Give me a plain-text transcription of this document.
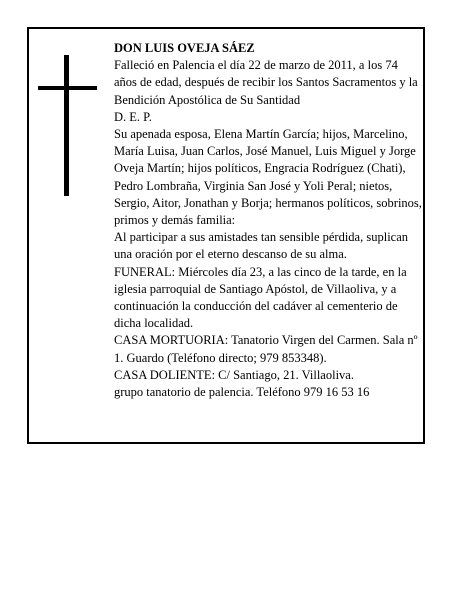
DON LUIS OVEJA SÁEZ

Falleció en Palencia el día 22 de marzo de 2011, a los 74 años de edad, después de recibir los Santos Sacramentos y la Bendición Apostólica de Su Santidad

D. E. P.

Su apenada esposa, Elena Martín García; hijos, Marcelino, María Luisa, Juan Carlos, José Manuel, Luis Miguel y Jorge Oveja Martín; hijos políticos, Engracia Rodríguez (Chati), Pedro Lombraña, Virginia San José y Yoli Peral; nietos, Sergio, Aitor, Jonathan y Borja; hermanos políticos, sobrinos, primos y demás familia:

Al participar a sus amistades tan sensible pérdida, suplican una oración por el eterno descanso de su alma.

FUNERAL: Miércoles día 23, a las cinco de la tarde, en la iglesia parroquial de Santiago Apóstol, de Villaoliva, y a continuación la conducción del cadáver al cementerio de dicha localidad.

CASA MORTUORIA: Tanatorio Virgen del Carmen. Sala nº 1. Guardo (Teléfono directo; 979 853348).

CASA DOLIENTE: C/ Santiago, 21. Villaoliva.

grupo tanatorio de palencia. Teléfono 979 16 53 16
